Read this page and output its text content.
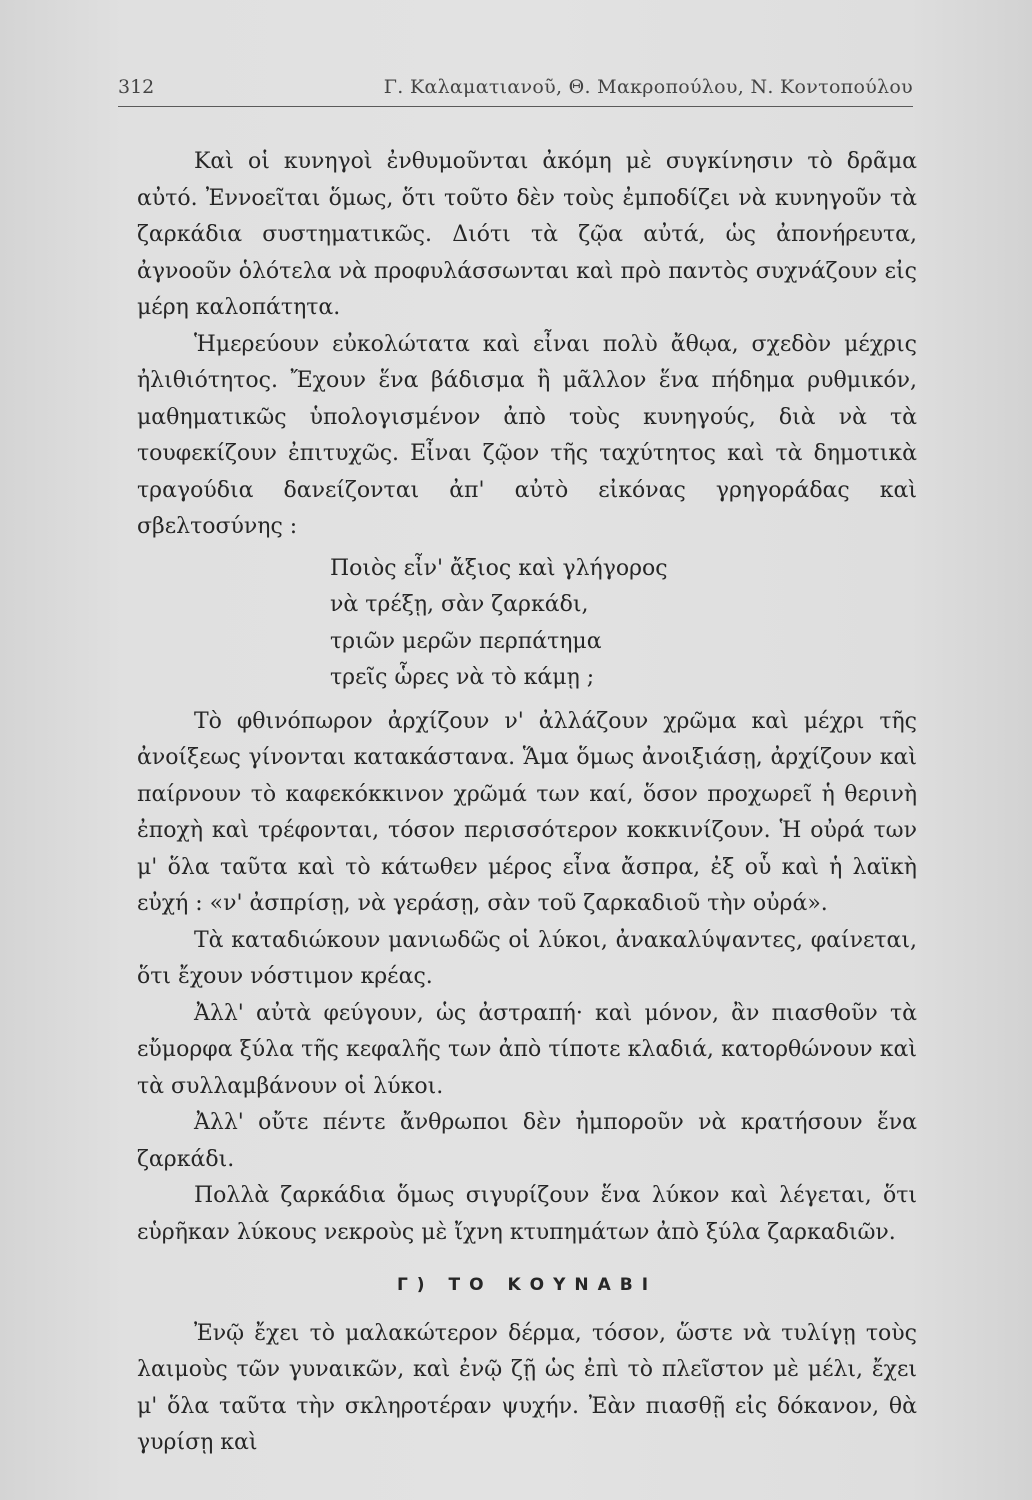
312	Γ. Καλαματιανοῦ, Θ. Μακροπούλου, Ν. Κοντοπούλου

Καὶ οἱ κυνηγοὶ ἐνθυμοῦνται ἀκόμη μὲ συγκίνησιν τὸ δρᾶμα αὐτό. Ἐννοεῖται ὅμως, ὅτι τοῦτο δὲν τοὺς ἐμποδίζει νὰ κυνηγοῦν τὰ ζαρκάδια συστηματικῶς. Διότι τὰ ζῷα αὐτά, ὡς ἀπονήρευτα, ἀγνοοῦν ὁλότελα νὰ προφυλάσσωνται καὶ πρὸ παντὸς συχνάζουν εἰς μέρη καλοπάτητα.

Ἡμερεύουν εὐκολώτατα καὶ εἶναι πολὺ ἄθῳα, σχεδὸν μέχρις ἠλιθιότητος. Ἔχουν ἕνα βάδισμα ἢ μᾶλλον ἕνα πήδημα ρυθμικόν, μαθηματικῶς ὑπολογισμένον ἀπὸ τοὺς κυνηγούς, διὰ νὰ τὰ τουφεκίζουν ἐπιτυχῶς. Εἶναι ζῷον τῆς ταχύτητος καὶ τὰ δημοτικὰ τραγούδια δανείζονται ἀπ' αὐτὸ εἰκόνας γρηγοράδας καὶ σβελτοσύνης :

Ποιὸς εἶν' ἄξιος καὶ γλήγορος
νὰ τρέξῃ, σὰν ζαρκάδι,
τριῶν μερῶν περπάτημα
τρεῖς ὧρες νὰ τὸ κάμῃ ;

Τὸ φθινόπωρον ἀρχίζουν ν' ἀλλάζουν χρῶμα καὶ μέχρι τῆς ἀνοίξεως γίνονται κατακάστανα. Ἅμα ὅμως ἀνοιξιάσῃ, ἀρχίζουν καὶ παίρνουν τὸ καφεκόκκινον χρῶμά των καί, ὅσον προχωρεῖ ἡ θερινὴ ἐποχὴ καὶ τρέφονται, τόσον περισσότερον κοκκινίζουν. Ἡ οὐρά των μ' ὅλα ταῦτα καὶ τὸ κάτωθεν μέρος εἶνα ἄσπρα, ἐξ οὗ καὶ ἡ λαϊκὴ εὐχή : «ν' ἀσπρίσῃ, νὰ γεράσῃ, σὰν τοῦ ζαρκαδιοῦ τὴν οὐρά».

Τὰ καταδιώκουν μανιωδῶς οἱ λύκοι, ἀνακαλύψαντες, φαίνεται, ὅτι ἔχουν νόστιμον κρέας.

Ἀλλ' αὐτὰ φεύγουν, ὡς ἀστραπή· καὶ μόνον, ἂν πιασθοῦν τὰ εὔμορφα ξύλα τῆς κεφαλῆς των ἀπὸ τίποτε κλαδιά, κατορθώνουν καὶ τὰ συλλαμβάνουν οἱ λύκοι.

Ἀλλ' οὔτε πέντε ἄνθρωποι δὲν ἠμποροῦν νὰ κρατήσουν ἕνα ζαρκάδι.

Πολλὰ ζαρκάδια ὅμως σιγυρίζουν ἕνα λύκον καὶ λέγεται, ὅτι εὑρῆκαν λύκους νεκροὺς μὲ ἴχνη κτυπημάτων ἀπὸ ξύλα ζαρκαδιῶν.

Γ) ΤΟ ΚΟΥΝΑΒΙ

Ἐνῷ ἔχει τὸ μαλακώτερον δέρμα, τόσον, ὥστε νὰ τυλίγῃ τοὺς λαιμοὺς τῶν γυναικῶν, καὶ ἐνῷ ζῇ ὡς ἐπὶ τὸ πλεῖστον μὲ μέλι, ἔχει μ' ὅλα ταῦτα τὴν σκληροτέραν ψυχήν. Ἐὰν πιασθῇ εἰς δόκανον, θὰ γυρίσῃ καὶ
